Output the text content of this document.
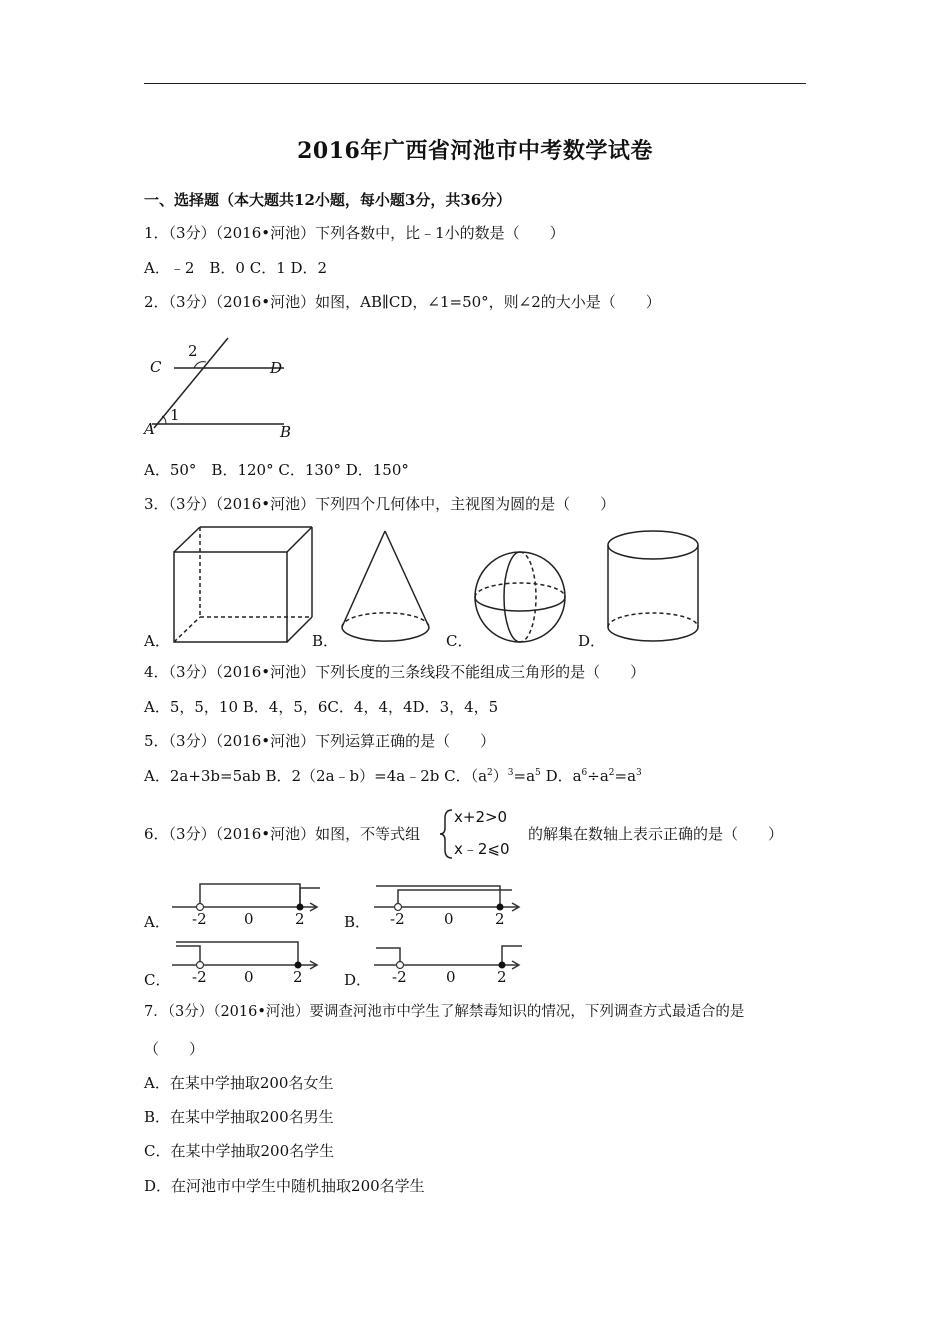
2016年广西省河池市中考数学试卷
一、选择题（本大题共12小题，每小题3分，共36分）
1．（3分）（2016•河池）下列各数中，比﹣1小的数是（　　）
A．﹣2　B．0 C．1 D．2
2．（3分）（2016•河池）如图，AB∥CD，∠1=50°，则∠2的大小是（　　）
C	D
A	B
1
2
A．50°　B．120° C．130° D．150°
3．（3分）（2016•河池）下列四个几何体中，主视图为圆的是（　　）
A．	B．	C．	D．
4．（3分）（2016•河池）下列长度的三条线段不能组成三角形的是（　　）
A．5，5，10 B．4，5，6C．4，4，4D．3，4，5
5．（3分）（2016•河池）下列运算正确的是（　　）
A．2a+3b=5ab B．2（2a﹣b）=4a﹣2b C．$(a^2)^3=a^5$ D．$a^6\div a^2=a^3$
6．（3分）（2016•河池）如图，不等式组
x+2>0
x﹣2⩽0
的解集在数轴上表示正确的是（　　）
A． -2 0	2	B． -2	0	2
C． -2 0	2	D． -2	0	2
7．（3分）（2016•河池）要调查河池市中学生了解禁毒知识的情况，下列调查方式最适合的是
（　　）
A．在某中学抽取200名女生
B．在某中学抽取200名男生
C．在某中学抽取200名学生
D．在河池市中学生中随机抽取200名学生
